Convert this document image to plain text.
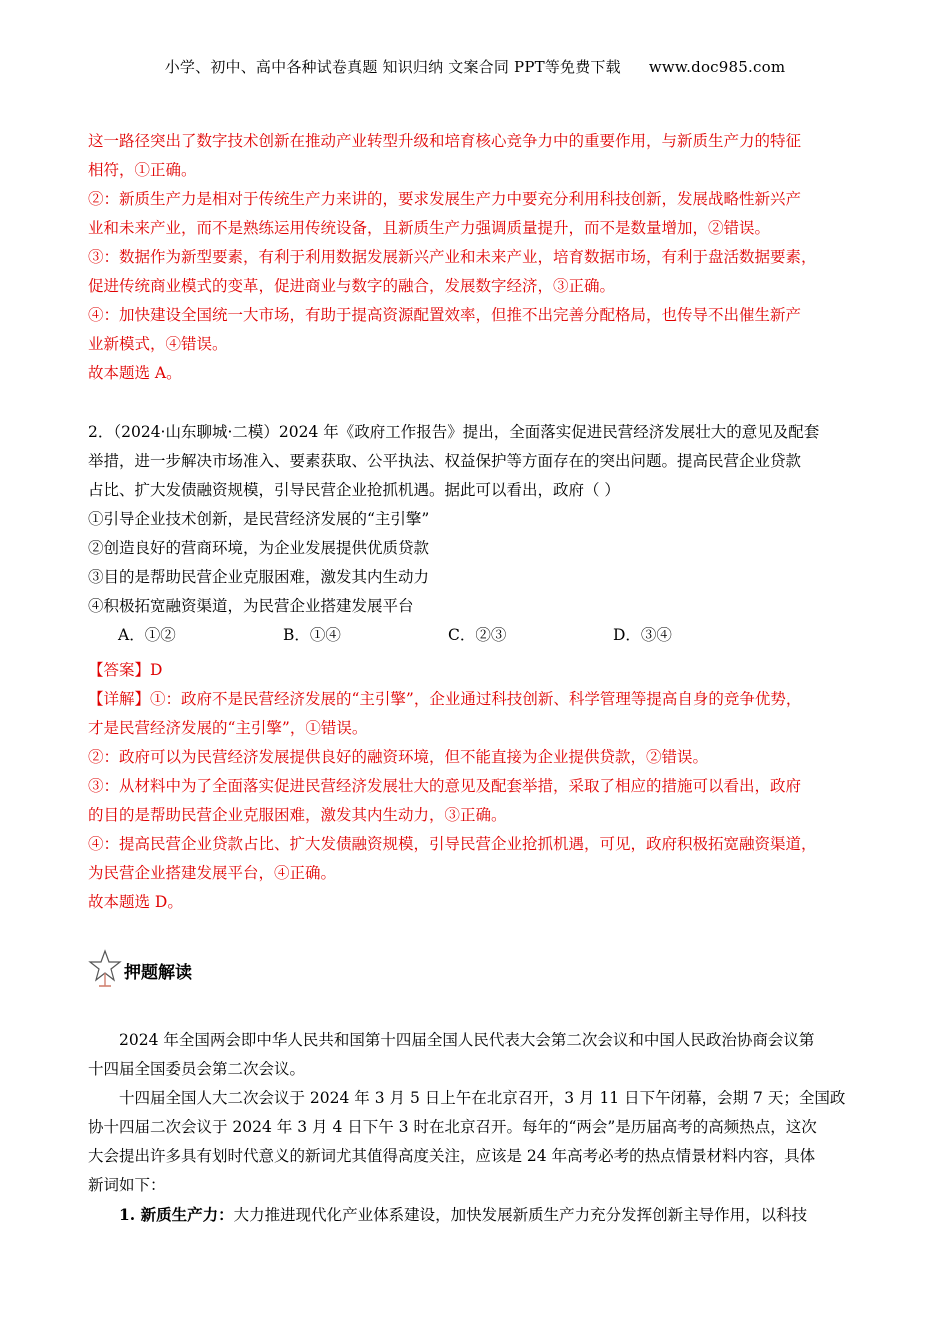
小学、初中、高中各种试卷真题 知识归纳 文案合同 PPT等免费下载 www.doc985.com
这一路径突出了数字技术创新在推动产业转型升级和培育核心竞争力中的重要作用，与新质生产力的特征
相符，①正确。
②：新质生产力是相对于传统生产力来讲的，要求发展生产力中要充分利用科技创新，发展战略性新兴产
业和未来产业，而不是熟练运用传统设备，且新质生产力强调质量提升，而不是数量增加，②错误。
③：数据作为新型要素，有利于利用数据发展新兴产业和未来产业，培育数据市场，有利于盘活数据要素，
促进传统商业模式的变革，促进商业与数字的融合，发展数字经济，③正确。
④：加快建设全国统一大市场，有助于提高资源配置效率，但推不出完善分配格局，也传导不出催生新产
业新模式，④错误。
故本题选 A。
2．（2024·山东聊城·二模）2024 年《政府工作报告》提出，全面落实促进民营经济发展壮大的意见及配套
举措，进一步解决市场准入、要素获取、公平执法、权益保护等方面存在的突出问题。提高民营企业贷款
占比、扩大发债融资规模，引导民营企业抢抓机遇。据此可以看出，政府（ ）
①引导企业技术创新，是民营经济发展的“主引擎”
②创造良好的营商环境，为企业发展提供优质贷款
③目的是帮助民营企业克服困难，激发其内生动力
④积极拓宽融资渠道，为民营企业搭建发展平台
A．①②	B．①④	C．②③	D．③④
【答案】D
【详解】①：政府不是民营经济发展的“主引擎”，企业通过科技创新、科学管理等提高自身的竞争优势，
才是民营经济发展的“主引擎”，①错误。
②：政府可以为民营经济发展提供良好的融资环境，但不能直接为企业提供贷款，②错误。
③：从材料中为了全面落实促进民营经济发展壮大的意见及配套举措，采取了相应的措施可以看出，政府
的目的是帮助民营企业克服困难，激发其内生动力，③正确。
④：提高民营企业贷款占比、扩大发债融资规模，引导民营企业抢抓机遇，可见，政府积极拓宽融资渠道，
为民营企业搭建发展平台，④正确。
故本题选 D。
押题解读
2024 年全国两会即中华人民共和国第十四届全国人民代表大会第二次会议和中国人民政治协商会议第
十四届全国委员会第二次会议。
十四届全国人大二次会议于 2024 年 3 月 5 日上午在北京召开，3 月 11 日下午闭幕，会期 7 天；全国政
协十四届二次会议于 2024 年 3 月 4 日下午 3 时在北京召开。每年的“两会”是历届高考的高频热点，这次
大会提出许多具有划时代意义的新词尤其值得高度关注，应该是 24 年高考必考的热点情景材料内容，具体
新词如下：
1. 新质生产力：大力推进现代化产业体系建设，加快发展新质生产力充分发挥创新主导作用，以科技
